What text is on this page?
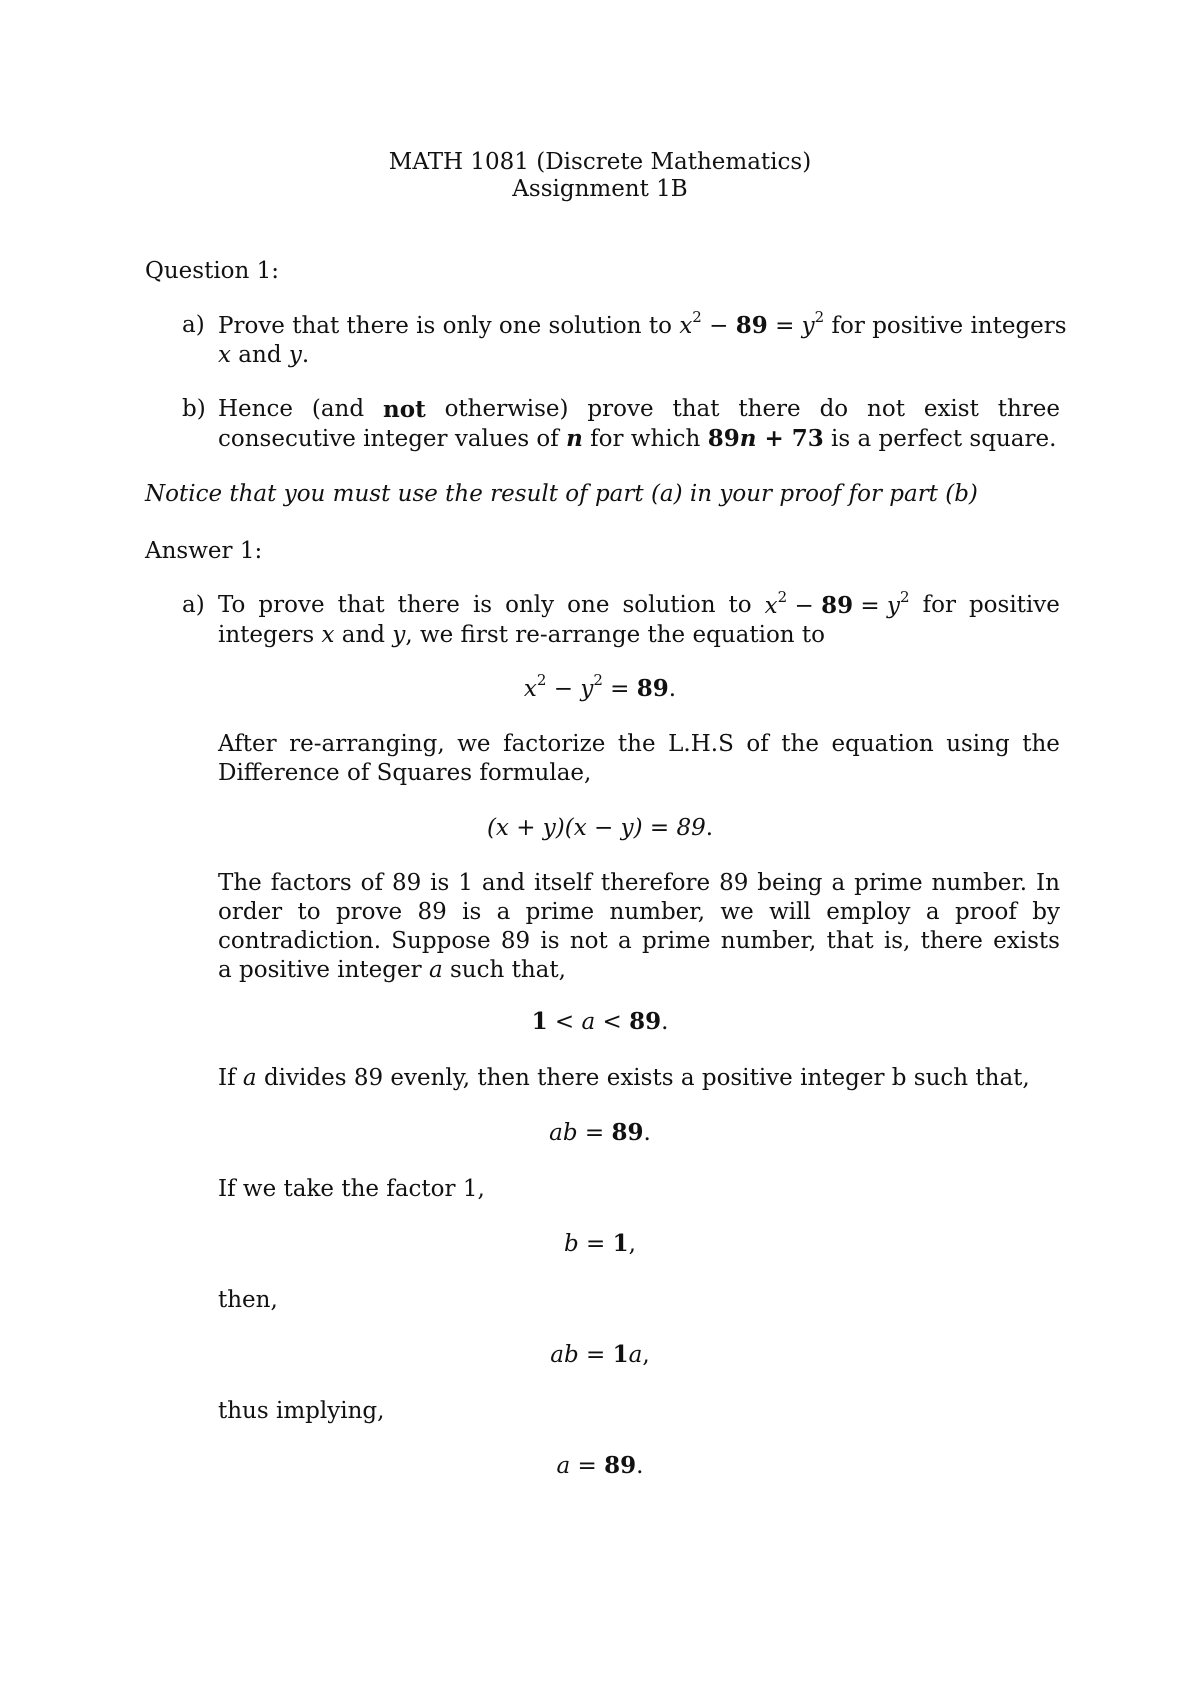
MATH 1081 (Discrete Mathematics)
Assignment 1B
Question 1:
a) Prove that there is only one solution to $x^2 - 89 = y^2$ for positive integers
x and y.
b) Hence (and not otherwise) prove that there do not exist three
consecutive integer values of n for which 89n + 73 is a perfect square.
Notice that you must use the result of part (a) in your proof for part (b)
Answer 1:
a) To prove that there is only one solution to $x^2 - 89 = y^2$ for positive
integers x and y, we first re-arrange the equation to
$x^2 - y^2 = 89$.
After re-arranging, we factorize the L.H.S of the equation using the
Difference of Squares formulae,
(x + y)(x − y) = 89.
The factors of 89 is 1 and itself therefore 89 being a prime number. In
order to prove 89 is a prime number, we will employ a proof by
contradiction. Suppose 89 is not a prime number, that is, there exists
a positive integer a such that,
1 < a < 89.
If a divides 89 evenly, then there exists a positive integer b such that,
ab = 89.
If we take the factor 1,
b = 1,
then,
ab = 1a,
thus implying,
a = 89.
